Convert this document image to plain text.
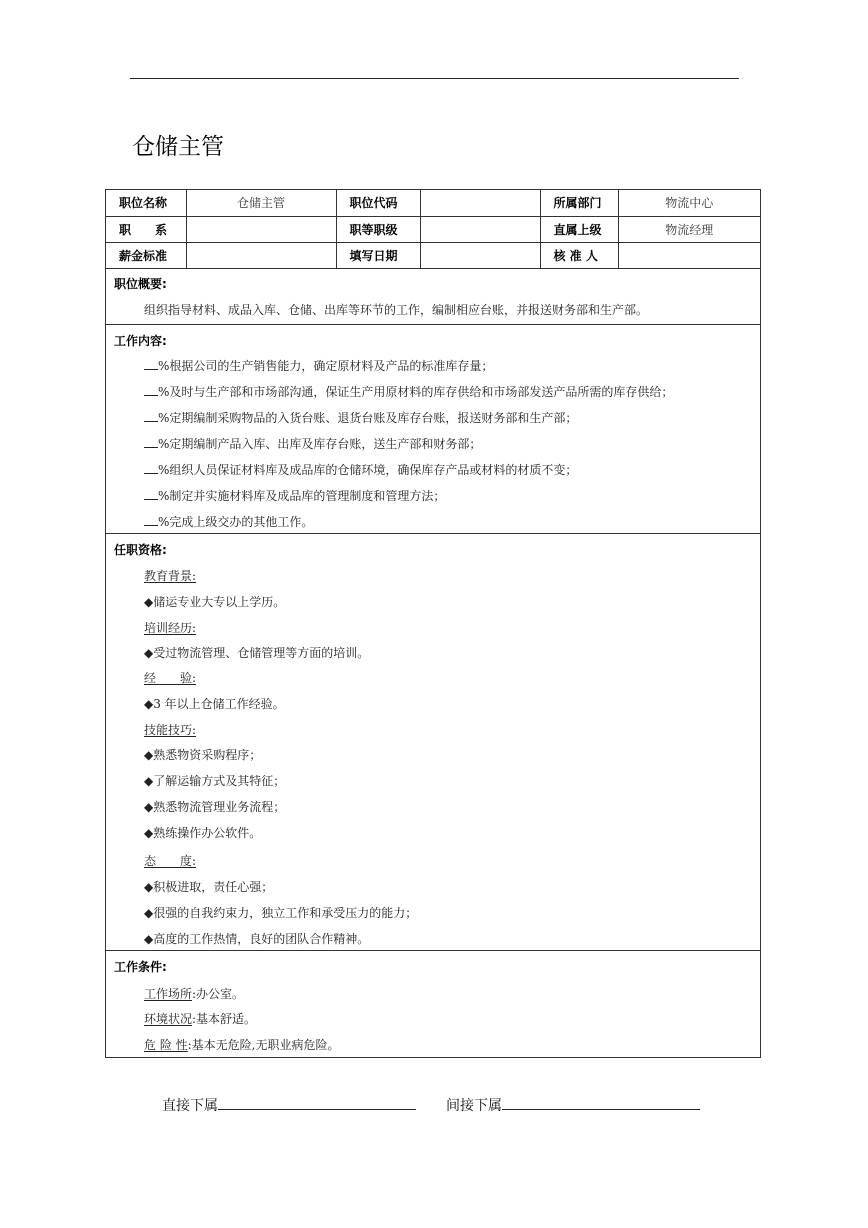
仓储主管
职位名称	仓储主管	职位代码		所属部门	物流中心
职　　系		职等职级		直属上级	物流经理
薪金标准		填写日期		核 准 人	
职位概要:
组织指导材料、成品入库、仓储、出库等环节的工作，编制相应台账，并报送财务部和生产部。
工作内容:
%根据公司的生产销售能力，确定原材料及产品的标准库存量；
%及时与生产部和市场部沟通，保证生产用原材料的库存供给和市场部发送产品所需的库存供给；
%定期编制采购物品的入货台账、退货台账及库存台账，报送财务部和生产部；
%定期编制产品入库、出库及库存台账，送生产部和财务部；
%组织人员保证材料库及成品库的仓储环境，确保库存产品或材料的材质不变；
%制定并实施材料库及成品库的管理制度和管理方法；
%完成上级交办的其他工作。
任职资格:
教育背景:
◆储运专业大专以上学历。
培训经历:
◆受过物流管理、仓储管理等方面的培训。
经　　验:
◆3 年以上仓储工作经验。
技能技巧:
◆熟悉物资采购程序；
◆了解运输方式及其特征；
◆熟悉物流管理业务流程；
◆熟练操作办公软件。
态　　度:
◆积极进取，责任心强；
◆很强的自我约束力，独立工作和承受压力的能力；
◆高度的工作热情，良好的团队合作精神。
工作条件:
工作场所:办公室。
环境状况:基本舒适。
危 险 性:基本无危险,无职业病危险。
直接下属	间接下属
